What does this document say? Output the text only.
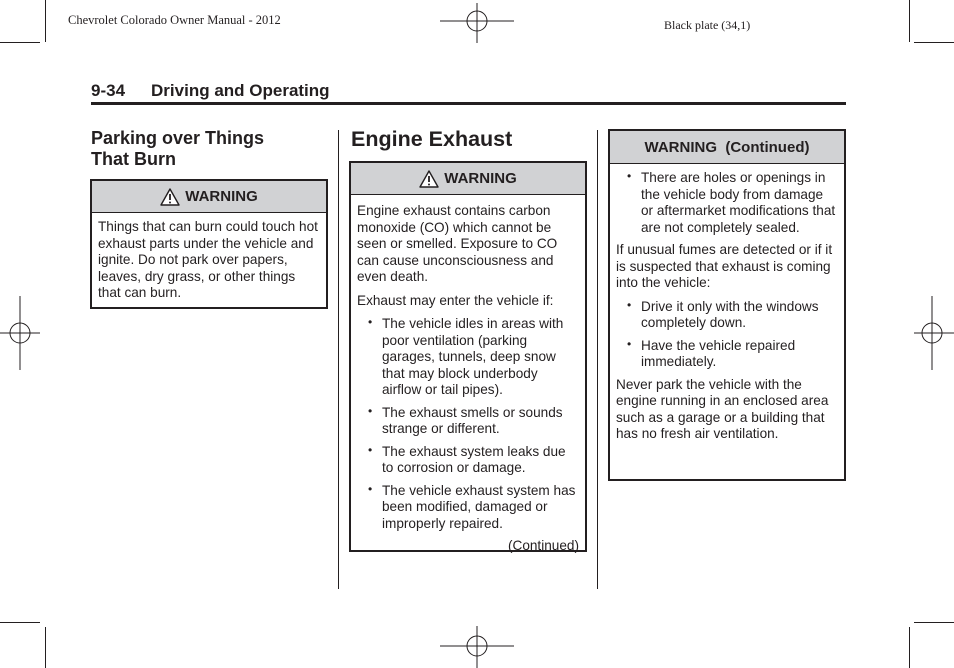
Chevrolet Colorado Owner Manual - 2012	Black plate (34,1)
9-34 Driving and Operating
Parking over Things That Burn
WARNING

Things that can burn could touch hot exhaust parts under the vehicle and ignite. Do not park over papers, leaves, dry grass, or other things that can burn.

Engine Exhaust
WARNING

Engine exhaust contains carbon monoxide (CO) which cannot be seen or smelled. Exposure to CO can cause unconsciousness and even death.

Exhaust may enter the vehicle if:

• The vehicle idles in areas with poor ventilation (parking garages, tunnels, deep snow that may block underbody airflow or tail pipes).
• The exhaust smells or sounds strange or different.
• The exhaust system leaks due to corrosion or damage.
• The vehicle exhaust system has been modified, damaged or improperly repaired.
(Continued)
WARNING  (Continued)
• There are holes or openings in the vehicle body from damage or aftermarket modifications that are not completely sealed.

If unusual fumes are detected or if it is suspected that exhaust is coming into the vehicle:

• Drive it only with the windows completely down.
• Have the vehicle repaired immediately.

Never park the vehicle with the engine running in an enclosed area such as a garage or a building that has no fresh air ventilation.
